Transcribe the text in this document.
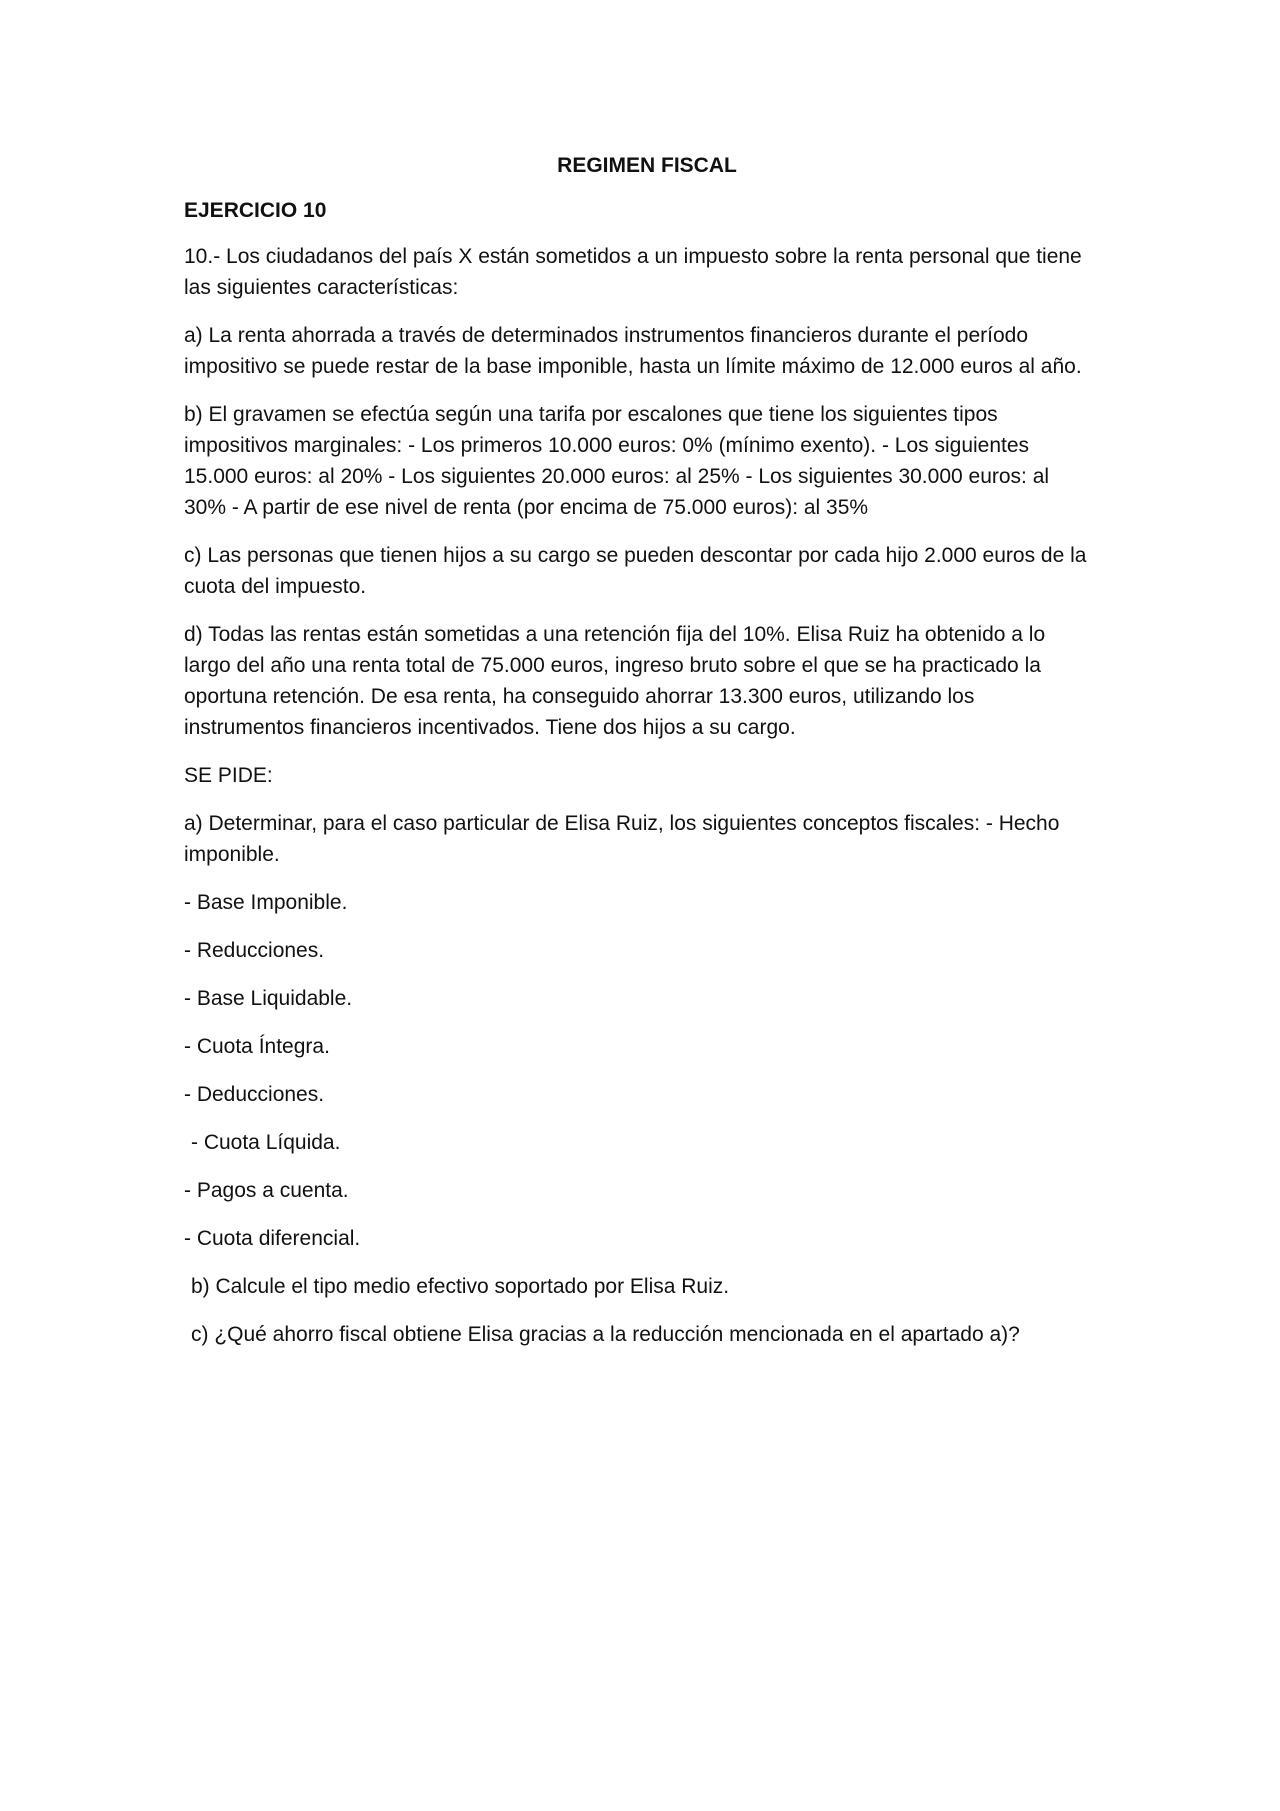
REGIMEN FISCAL
EJERCICIO 10
10.- Los ciudadanos del país X están sometidos a un impuesto sobre la renta personal que tiene las siguientes características:
a) La renta ahorrada a través de determinados instrumentos financieros durante el período impositivo se puede restar de la base imponible, hasta un límite máximo de 12.000 euros al año.
b) El gravamen se efectúa según una tarifa por escalones que tiene los siguientes tipos impositivos marginales: - Los primeros 10.000 euros: 0% (mínimo exento). - Los siguientes 15.000 euros: al 20% - Los siguientes 20.000 euros: al 25% - Los siguientes 30.000 euros: al 30% - A partir de ese nivel de renta (por encima de 75.000 euros): al 35%
c) Las personas que tienen hijos a su cargo se pueden descontar por cada hijo 2.000 euros de la cuota del impuesto.
d) Todas las rentas están sometidas a una retención fija del 10%. Elisa Ruiz ha obtenido a lo largo del año una renta total de 75.000 euros, ingreso bruto sobre el que se ha practicado la oportuna retención. De esa renta, ha conseguido ahorrar 13.300 euros, utilizando los instrumentos financieros incentivados. Tiene dos hijos a su cargo.
SE PIDE:
a) Determinar, para el caso particular de Elisa Ruiz, los siguientes conceptos fiscales: - Hecho imponible.
- Base Imponible.
- Reducciones.
- Base Liquidable.
- Cuota Íntegra.
- Deducciones.
- Cuota Líquida.
- Pagos a cuenta.
- Cuota diferencial.
b) Calcule el tipo medio efectivo soportado por Elisa Ruiz.
c) ¿Qué ahorro fiscal obtiene Elisa gracias a la reducción mencionada en el apartado a)?
